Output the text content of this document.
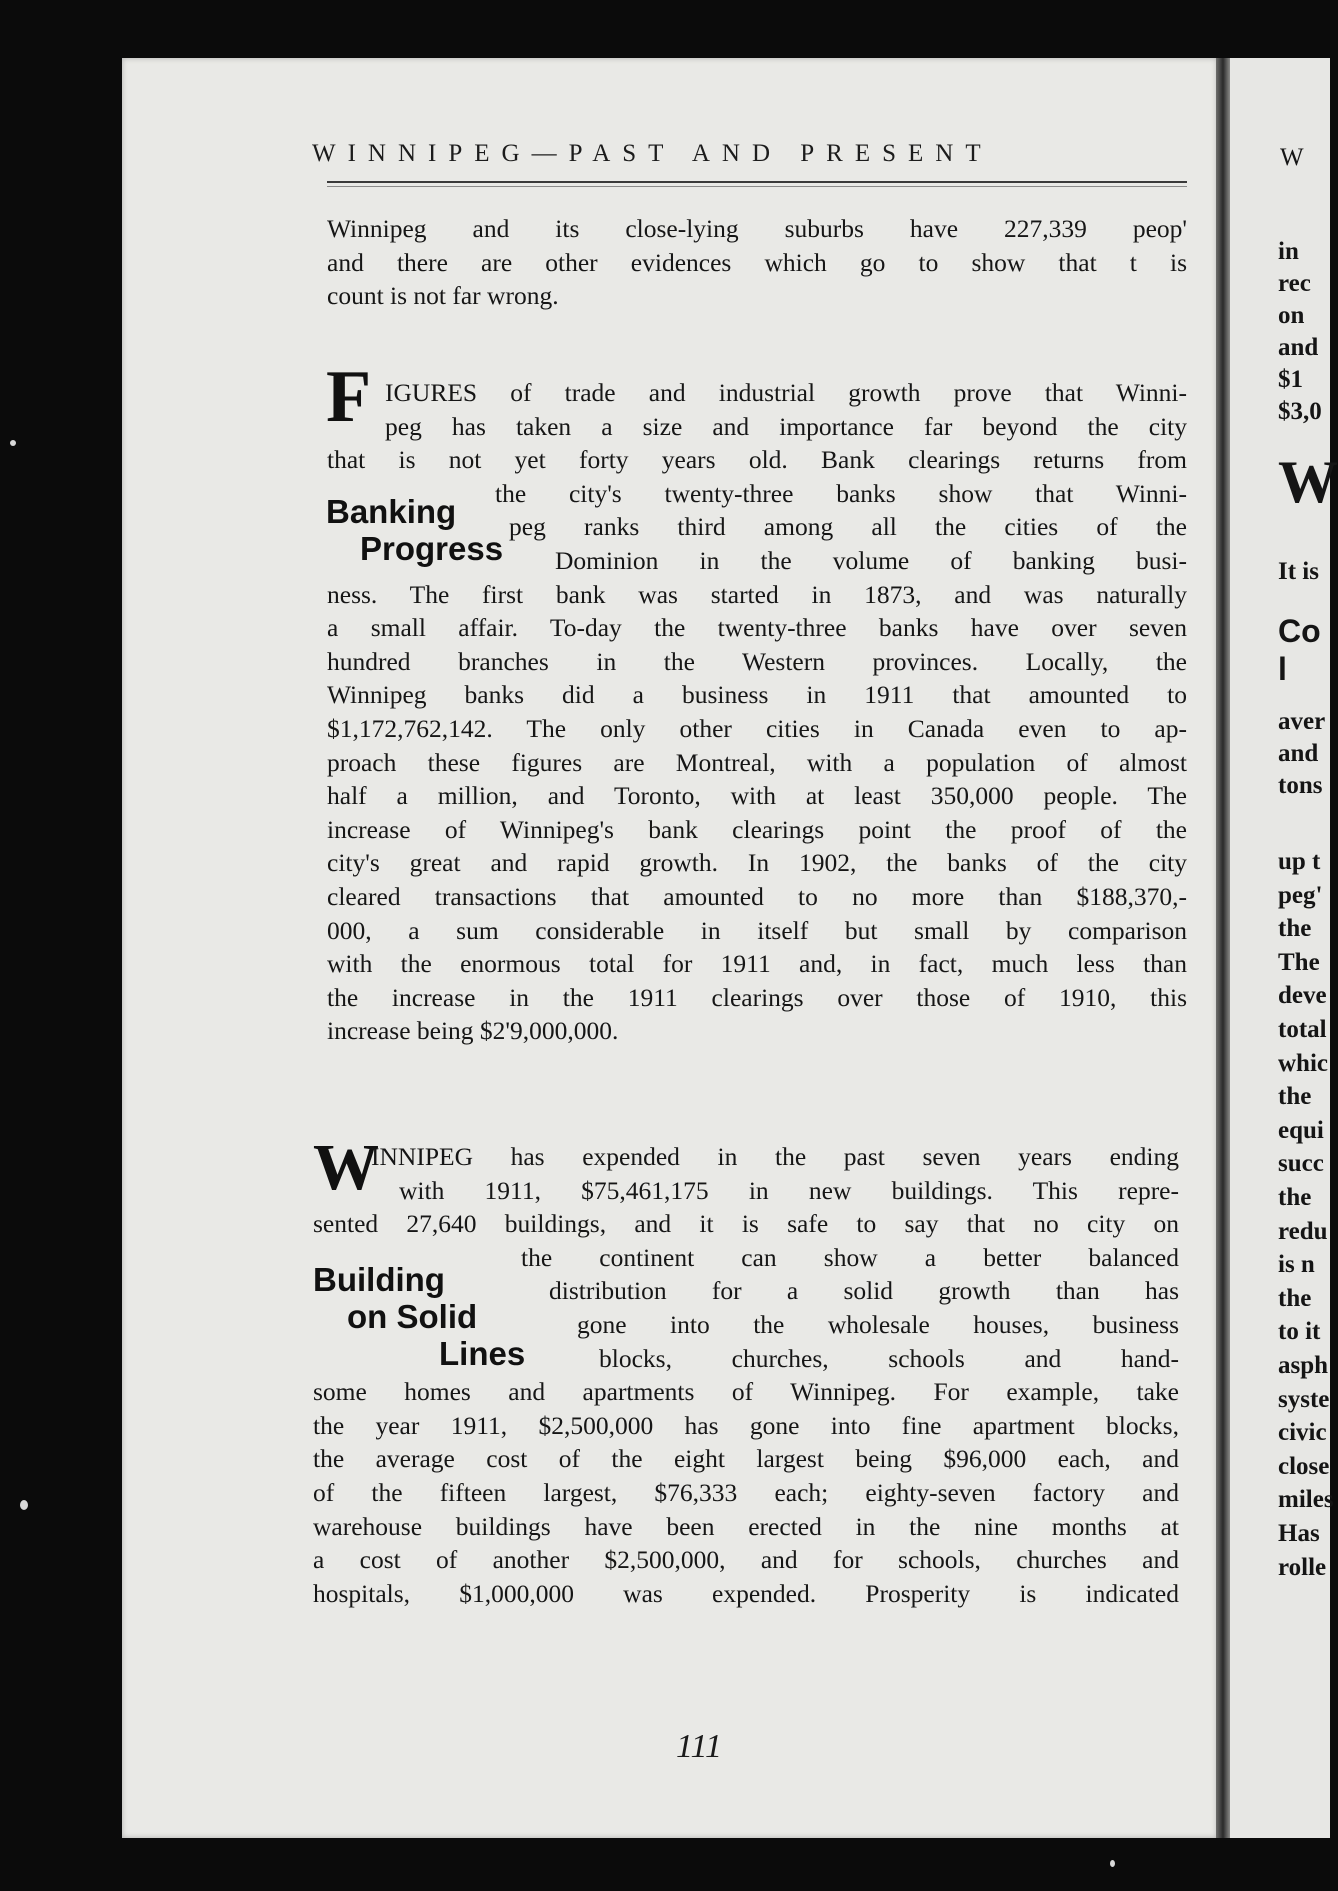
W
in
rec
on
and
$1
$3,0
W
It is
Co
l
aver
and
tons
up t
peg'
the
The
deve
total
whic
the
equi
succ
the
redu
is n
the
to it
asph
syste
civic
close
miles
Has
rolle
WINNIPEG—PAST AND PRESENT
Winnipeg and its close-lying suburbs have 227,339 peop'
and there are other evidences which go to show that t is
count is not far wrong.
F
Banking
Progress
IGURES of trade and industrial growth prove that Winni-
peg has taken a size and importance far beyond the city
that is not yet forty years old. Bank clearings returns from
the city's twenty-three banks show that Winni-
peg ranks third among all the cities of the
Dominion in the volume of banking busi-
ness. The first bank was started in 1873, and was naturally
a small affair. To-day the twenty-three banks have over seven
hundred branches in the Western provinces. Locally, the
Winnipeg banks did a business in 1911 that amounted to
$1,172,762,142. The only other cities in Canada even to ap-
proach these figures are Montreal, with a population of almost
half a million, and Toronto, with at least 350,000 people. The
increase of Winnipeg's bank clearings point the proof of the
city's great and rapid growth. In 1902, the banks of the city
cleared transactions that amounted to no more than $188,370,-
000, a sum considerable in itself but small by comparison
with the enormous total for 1911 and, in fact, much less than
the increase in the 1911 clearings over those of 1910, this
increase being $2'9,000,000.
W
Building
on Solid
Lines
INNIPEG has expended in the past seven years ending
with 1911, $75,461,175 in new buildings. This repre-
sented 27,640 buildings, and it is safe to say that no city on
the continent can show a better balanced
distribution for a solid growth than has
gone into the wholesale houses, business
blocks, churches, schools and hand-
some homes and apartments of Winnipeg. For example, take
the year 1911, $2,500,000 has gone into fine apartment blocks,
the average cost of the eight largest being $96,000 each, and
of the fifteen largest, $76,333 each; eighty-seven factory and
warehouse buildings have been erected in the nine months at
a cost of another $2,500,000, and for schools, churches and
hospitals, $1,000,000 was expended. Prosperity is indicated
111
